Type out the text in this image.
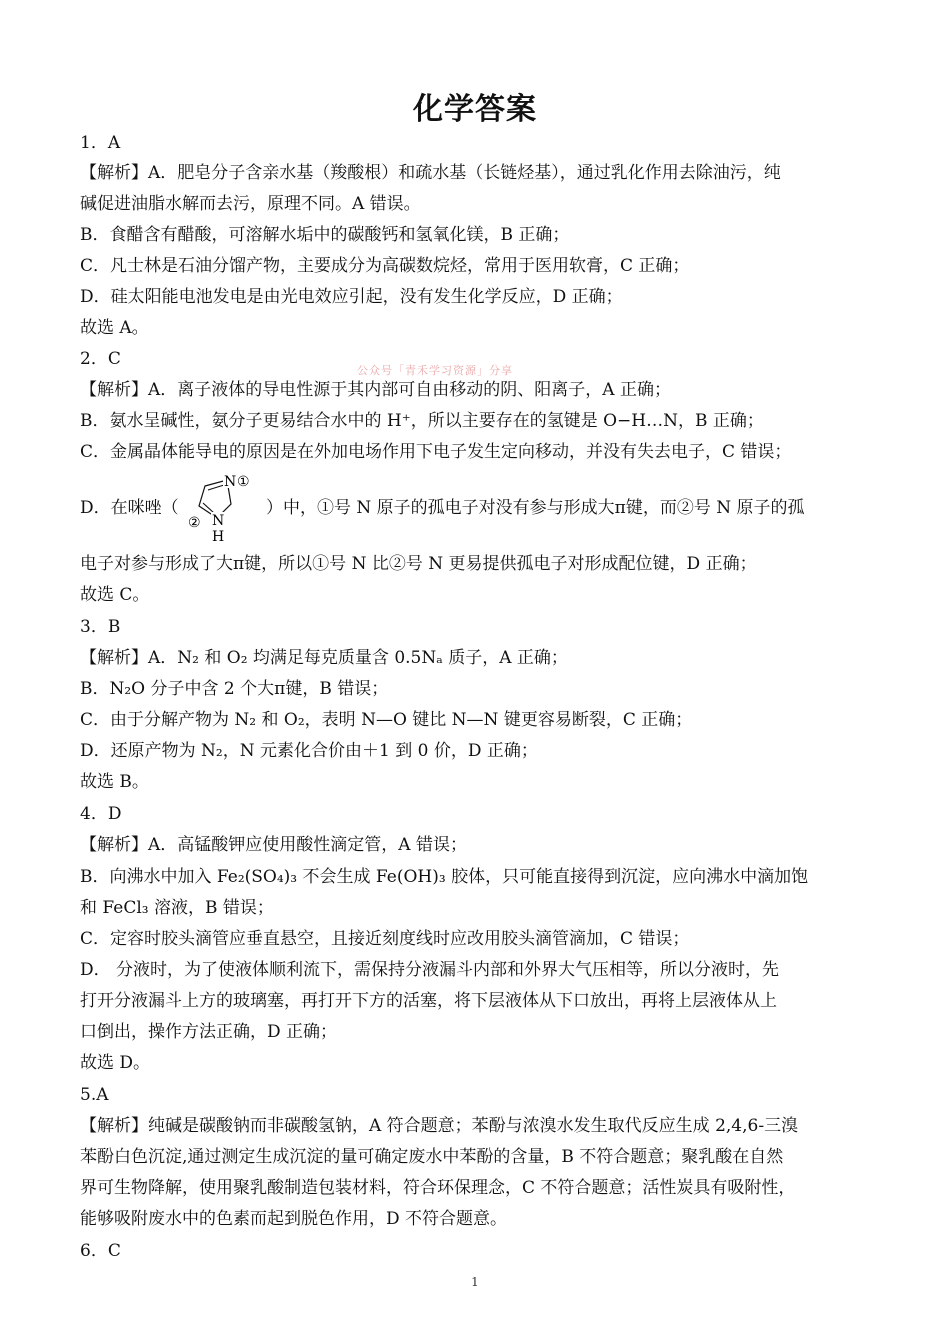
化学答案
公众号「青禾学习资源」分享
1．A
【解析】A．肥皂分子含亲水基（羧酸根）和疏水基（长链烃基），通过乳化作用去除油污，纯
碱促进油脂水解而去污，原理不同。A 错误。
B．食醋含有醋酸，可溶解水垢中的碳酸钙和氢氧化镁，B 正确；
C．凡士林是石油分馏产物，主要成分为高碳数烷烃，常用于医用软膏，C 正确；
D．硅太阳能电池发电是由光电效应引起，没有发生化学反应，D 正确；
故选 A。
2．C
【解析】A．离子液体的导电性源于其内部可自由移动的阴、阳离子，A 正确；
B．氨水呈碱性，氨分子更易结合水中的 H⁺，所以主要存在的氢键是 O−H…N，B 正确；
C．金属晶体能导电的原因是在外加电场作用下电子发生定向移动，并没有失去电子，C 错误；
电子对参与形成了大π键，所以①号 N 比②号 N 更易提供孤电子对形成配位键，D 正确；
故选 C。
3．B
【解析】A．N₂ 和 O₂ 均满足每克质量含 0.5Nₐ 质子，A 正确；
B．N₂O 分子中含 2 个大π键，B 错误；
C．由于分解产物为 N₂ 和 O₂，表明 N—O 键比 N—N 键更容易断裂，C 正确；
D．还原产物为 N₂，N 元素化合价由＋1 到 0 价，D 正确；
故选 B。
4．D
【解析】A．高锰酸钾应使用酸性滴定管，A 错误；
B．向沸水中加入 Fe₂(SO₄)₃ 不会生成 Fe(OH)₃ 胶体，只可能直接得到沉淀，应向沸水中滴加饱
和 FeCl₃ 溶液，B 错误；
C．定容时胶头滴管应垂直悬空，且接近刻度线时应改用胶头滴管滴加，C 错误；
D． 分液时，为了使液体顺利流下，需保持分液漏斗内部和外界大气压相等，所以分液时，先
打开分液漏斗上方的玻璃塞，再打开下方的活塞，将下层液体从下口放出，再将上层液体从上
口倒出，操作方法正确，D 正确；
故选 D。
5.A
【解析】纯碱是碳酸钠而非碳酸氢钠，A 符合题意；苯酚与浓溴水发生取代反应生成 2,4,6-三溴
苯酚白色沉淀,通过测定生成沉淀的量可确定废水中苯酚的含量，B 不符合题意；聚乳酸在自然
界可生物降解，使用聚乳酸制造包装材料，符合环保理念，C 不符合题意；活性炭具有吸附性，
能够吸附废水中的色素而起到脱色作用，D 不符合题意。
6．C
D．在咪唑（	）中，①号 N 原子的孤电子对没有参与形成大π键，而②号 N 原子的孤
N ①
② N
H
1
